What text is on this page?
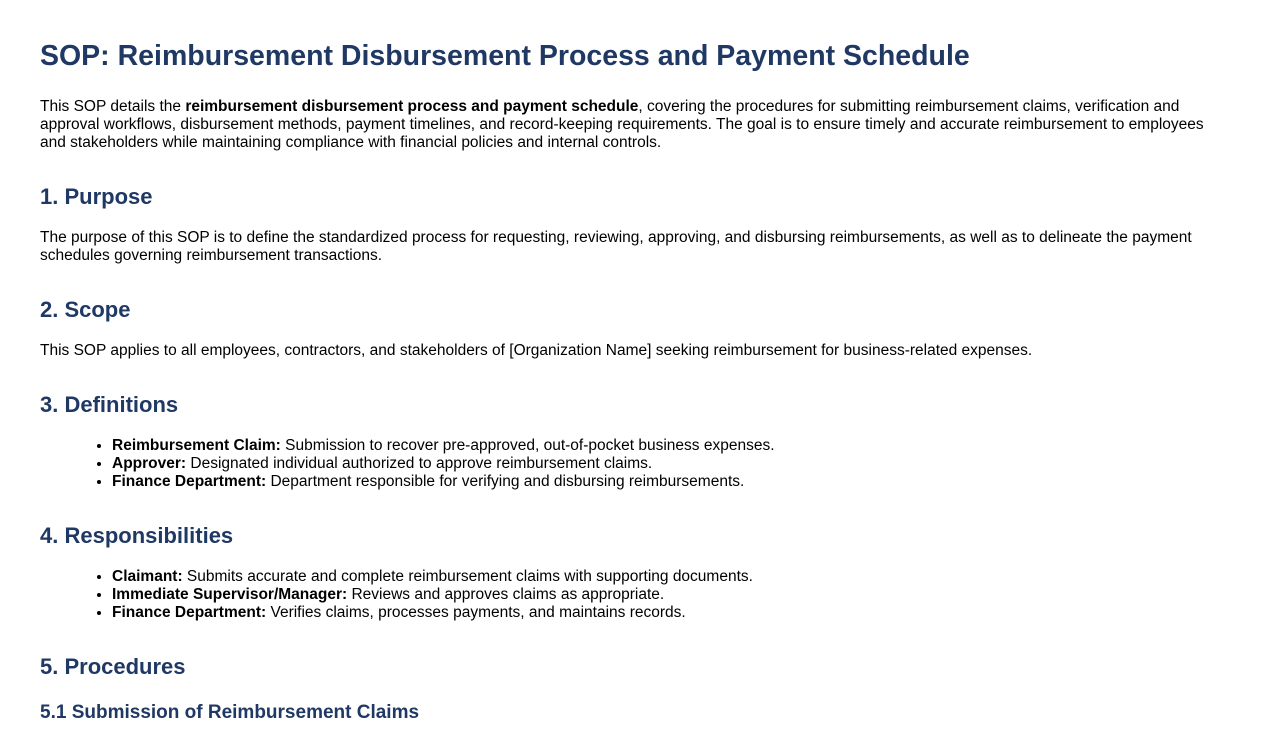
SOP: Reimbursement Disbursement Process and Payment Schedule

This SOP details the reimbursement disbursement process and payment schedule, covering the procedures for submitting reimbursement claims, verification and approval workflows, disbursement methods, payment timelines, and record-keeping requirements. The goal is to ensure timely and accurate reimbursement to employees and stakeholders while maintaining compliance with financial policies and internal controls.

1. Purpose

The purpose of this SOP is to define the standardized process for requesting, reviewing, approving, and disbursing reimbursements, as well as to delineate the payment schedules governing reimbursement transactions.

2. Scope

This SOP applies to all employees, contractors, and stakeholders of [Organization Name] seeking reimbursement for business-related expenses.

3. Definitions
• Reimbursement Claim: Submission to recover pre-approved, out-of-pocket business expenses.
• Approver: Designated individual authorized to approve reimbursement claims.
• Finance Department: Department responsible for verifying and disbursing reimbursements.
4. Responsibilities
• Claimant: Submits accurate and complete reimbursement claims with supporting documents.
• Immediate Supervisor/Manager: Reviews and approves claims as appropriate.
• Finance Department: Verifies claims, processes payments, and maintains records.
5. Procedures
5.1 Submission of Reimbursement Claims
